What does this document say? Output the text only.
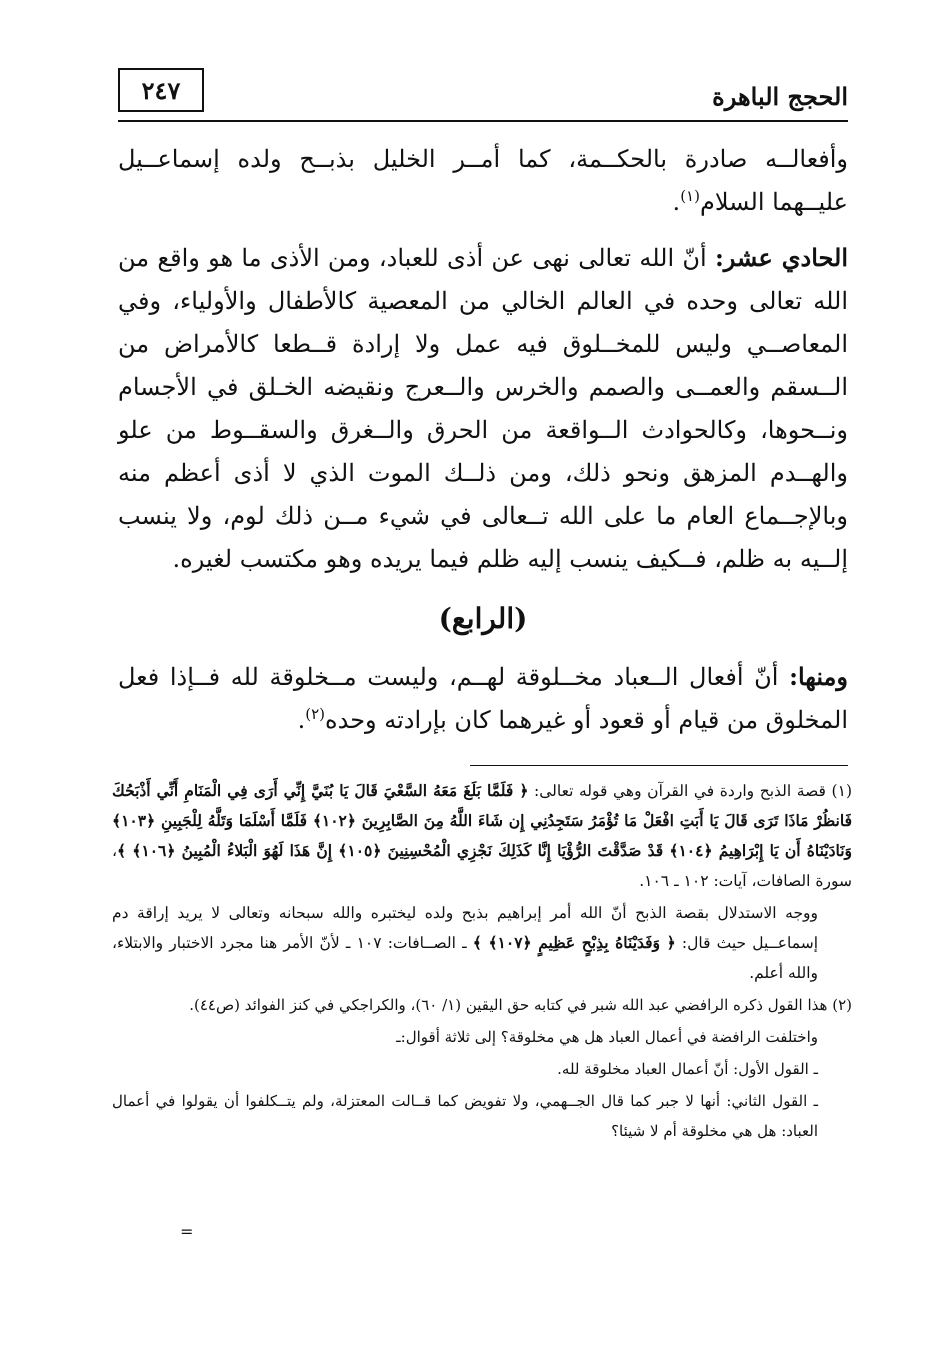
الحجج الباهرة
٢٤٧

وأفعالــه صادرة بالحكــمة، كما أمــر الخليل بذبــح ولده إسماعــيل عليــهما السلام$^{(١)}$.

الحادي عشر: أنّ الله تعالى نهى عن أذى للعباد، ومن الأذى ما هو واقع من الله تعالى وحده في العالم الخالي من المعصية كالأطفال والأولياء، وفي المعاصــي وليس للمخــلوق فيه عمل ولا إرادة قــطعا كالأمراض من الــسقم والعمــى والصمم والخرس والــعرج ونقيضه الخـلق في الأجسام ونــحوها، وكالحوادث الــواقعة من الحرق والــغرق والسقــوط من علو والهــدم المزهق ونحو ذلك، ومن ذلــك الموت الذي لا أذى أعظم منه وبالإجــماع العام ما على الله تــعالى في شيء مــن ذلك لوم، ولا ينسب إلــيه به ظلم، فــكيف ينسب إليه ظلم فيما يريده وهو مكتسب لغيره.

(الرابع)

ومنها: أنّ أفعال الــعباد مخــلوقة لهــم، وليست مــخلوقة لله فــإذا فعل المخلوق من قيام أو قعود أو غيرهما كان بإرادته وحده$^{(٢)}$.

(١) قصة الذبح واردة في القرآن وهي قوله تعالى: ﴿ فَلَمَّا بَلَغَ مَعَهُ السَّعْيَ قَالَ يَا بُنَيَّ إِنِّي أَرَى فِي الْمَنَامِ أَنِّي أَذْبَحُكَ فَانظُرْ مَاذَا تَرَى قَالَ يَا أَبَتِ افْعَلْ مَا تُؤْمَرُ سَتَجِدُنِي إِن شَاءَ اللَّهُ مِنَ الصَّابِرِينَ ﴿١٠٢﴾ فَلَمَّا أَسْلَمَا وَتَلَّهُ لِلْجَبِينِ ﴿١٠٣﴾ وَنَادَيْنَاهُ أَن يَا إِبْرَاهِيمُ ﴿١٠٤﴾ قَدْ صَدَّقْتَ الرُّؤْيَا إِنَّا كَذَلِكَ نَجْزِي الْمُحْسِنِينَ ﴿١٠٥﴾ إِنَّ هَذَا لَهُوَ الْبَلاءُ الْمُبِينُ ﴿١٠٦﴾ ﴾، سورة الصافات، آيات: ١٠٢ ـ ١٠٦.

ووجه الاستدلال بقصة الذبح أنّ الله أمر إبراهيم بذبح ولده ليختبره والله سبحانه وتعالى لا يريد إراقة دم إسماعــيل حيث قال: ﴿ وَفَدَيْنَاهُ بِذِبْحٍ عَظِيمٍ ﴿١٠٧﴾ ﴾ ـ الصــافات: ١٠٧ ـ لأنّ الأمر هنا مجرد الاختبار والابتلاء، والله أعلم.

(٢) هذا القول ذكره الرافضي عبد الله شبر في كتابه حق اليقين (١/ ٦٠)، والكراجكي في كنز الفوائد (ص٤٤).

واختلفت الرافضة في أعمال العباد هل هي مخلوقة؟ إلى ثلاثة أقوال:ـ

ـ القول الأول: أنّ أعمال العباد مخلوقة لله.

ـ القول الثاني: أنها لا جبر كما قال الجــهمي، ولا تفويض كما قــالت المعتزلة، ولم يتــكلفوا أن يقولوا في أعمال العباد: هل هي مخلوقة أم لا شيئا؟

=
